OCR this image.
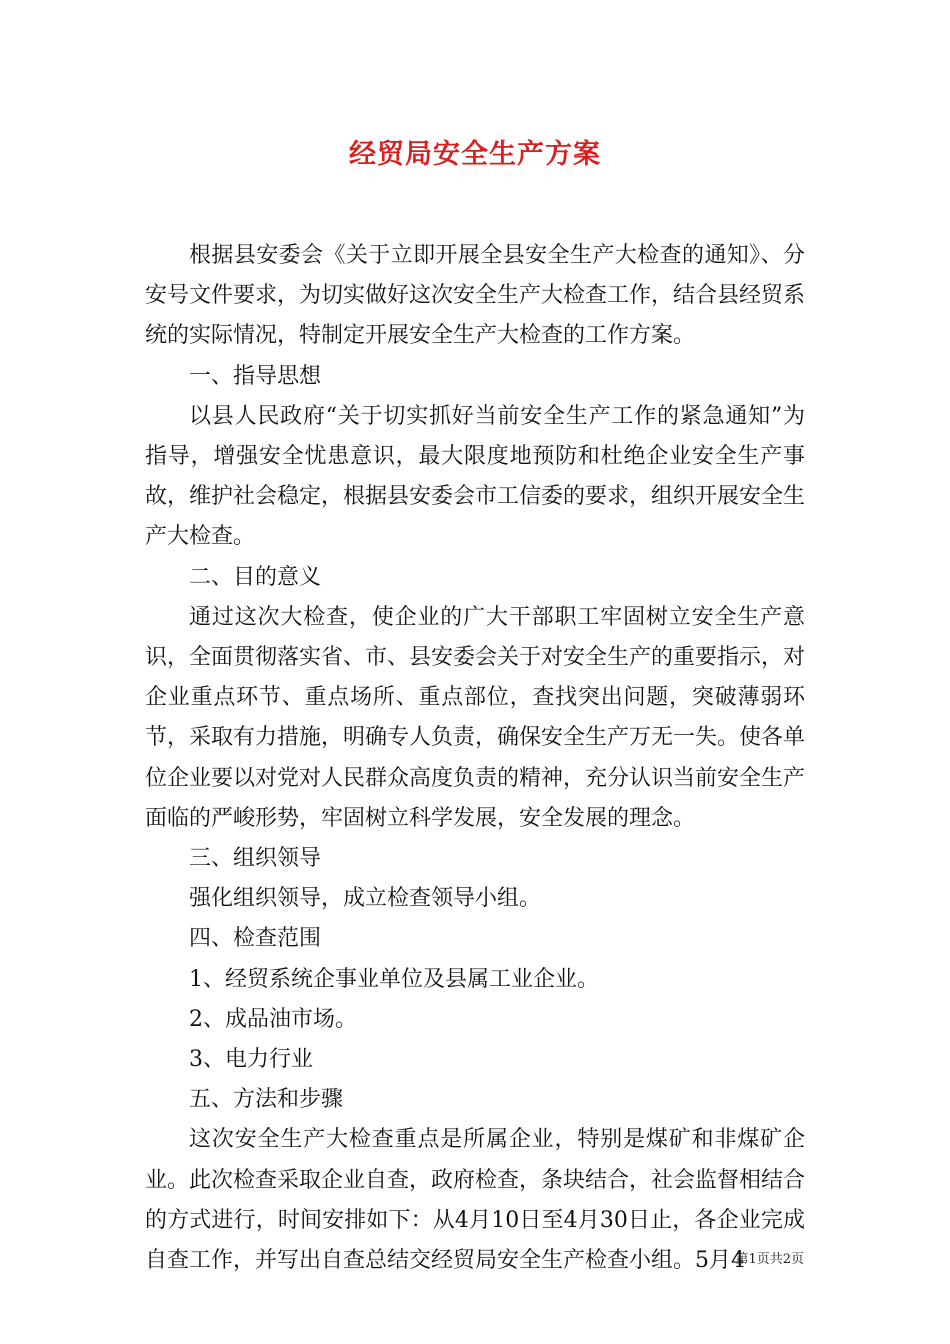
经贸局安全生产方案

根据县安委会《关于立即开展全县安全生产大检查的通知》、分安号文件要求，为切实做好这次安全生产大检查工作，结合县经贸系统的实际情况，特制定开展安全生产大检查的工作方案。

一、指导思想

以县人民政府“关于切实抓好当前安全生产工作的紧急通知”为指导，增强安全忧患意识，最大限度地预防和杜绝企业安全生产事故，维护社会稳定，根据县安委会市工信委的要求，组织开展安全生产大检查。

二、目的意义

通过这次大检查，使企业的广大干部职工牢固树立安全生产意识，全面贯彻落实省、市、县安委会关于对安全生产的重要指示，对企业重点环节、重点场所、重点部位，查找突出问题，突破薄弱环节，采取有力措施，明确专人负责，确保安全生产万无一失。使各单位企业要以对党对人民群众高度负责的精神，充分认识当前安全生产面临的严峻形势，牢固树立科学发展，安全发展的理念。

三、组织领导

强化组织领导，成立检查领导小组。

四、检查范围

1、经贸系统企事业单位及县属工业企业。

2、成品油市场。

3、电力行业

五、方法和步骤

这次安全生产大检查重点是所属企业，特别是煤矿和非煤矿企业。此次检查采取企业自查，政府检查，条块结合，社会监督相结合的方式进行，时间安排如下：从4月10日至4月30日止，各企业完成自查工作，并写出自查总结交经贸局安全生产检查小组。5月4

第1页共2页
